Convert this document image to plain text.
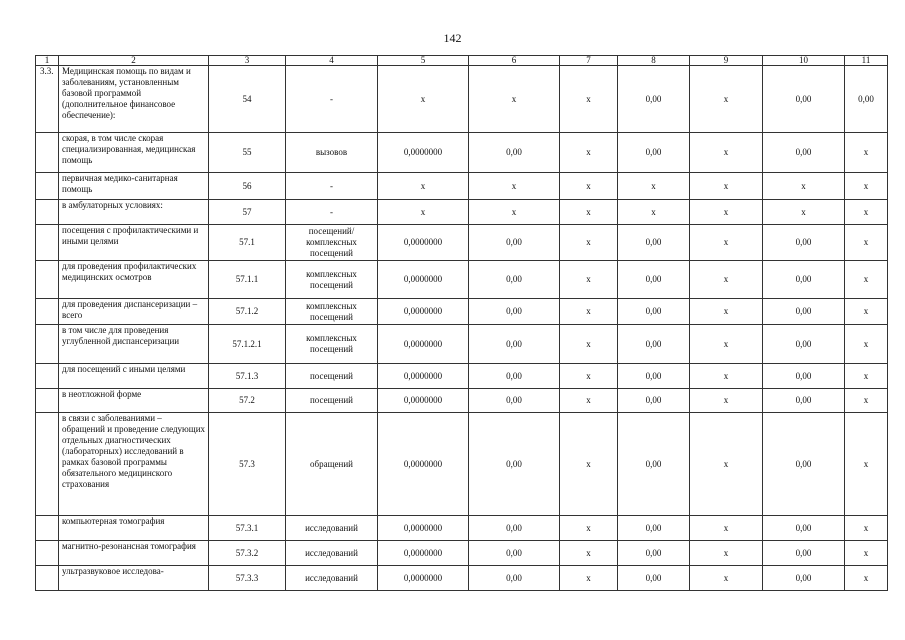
142
1	2	3	4	5	6	7	8	9	10	11
3.3.	Медицинская помощь по видам и заболеваниям, установленным базовой программой (дополнительное финансовое обеспечение):	54	-	x	x	x	0,00	x	0,00	0,00
	скорая, в том числе скорая специализированная, медицинская помощь	55	вызовов	0,0000000	0,00	x	0,00	x	0,00	x
	первичная медико-санитарная помощь	56	-	x	x	x	x	x	x	x
	в амбулаторных условиях:	57	-	x	x	x	x	x	x	x
	посещения с профилактическими и иными целями	57.1	посещений/комплексных посещений	0,0000000	0,00	x	0,00	x	0,00	x
	для проведения профилактических медицинских осмотров	57.1.1	комплексных посещений	0,0000000	0,00	x	0,00	x	0,00	x
	для проведения диспансеризации – всего	57.1.2	комплексных посещений	0,0000000	0,00	x	0,00	x	0,00	x
	в том числе для проведения углубленной диспансеризации	57.1.2.1	комплексных посещений	0,0000000	0,00	x	0,00	x	0,00	x
	для посещений с иными целями	57.1.3	посещений	0,0000000	0,00	x	0,00	x	0,00	x
	в неотложной форме	57.2	посещений	0,0000000	0,00	x	0,00	x	0,00	x
	в связи с заболеваниями – обращений и проведение следующих отдельных диагностических (лабораторных) исследований в рамках базовой программы обязательного медицинского страхования	57.3	обращений	0,0000000	0,00	x	0,00	x	0,00	x
	компьютерная томография	57.3.1	исследований	0,0000000	0,00	x	0,00	x	0,00	x
	магнитно-резонансная томография	57.3.2	исследований	0,0000000	0,00	x	0,00	x	0,00	x
	ультразвуковое исследова-	57.3.3	исследований	0,0000000	0,00	x	0,00	x	0,00	x
